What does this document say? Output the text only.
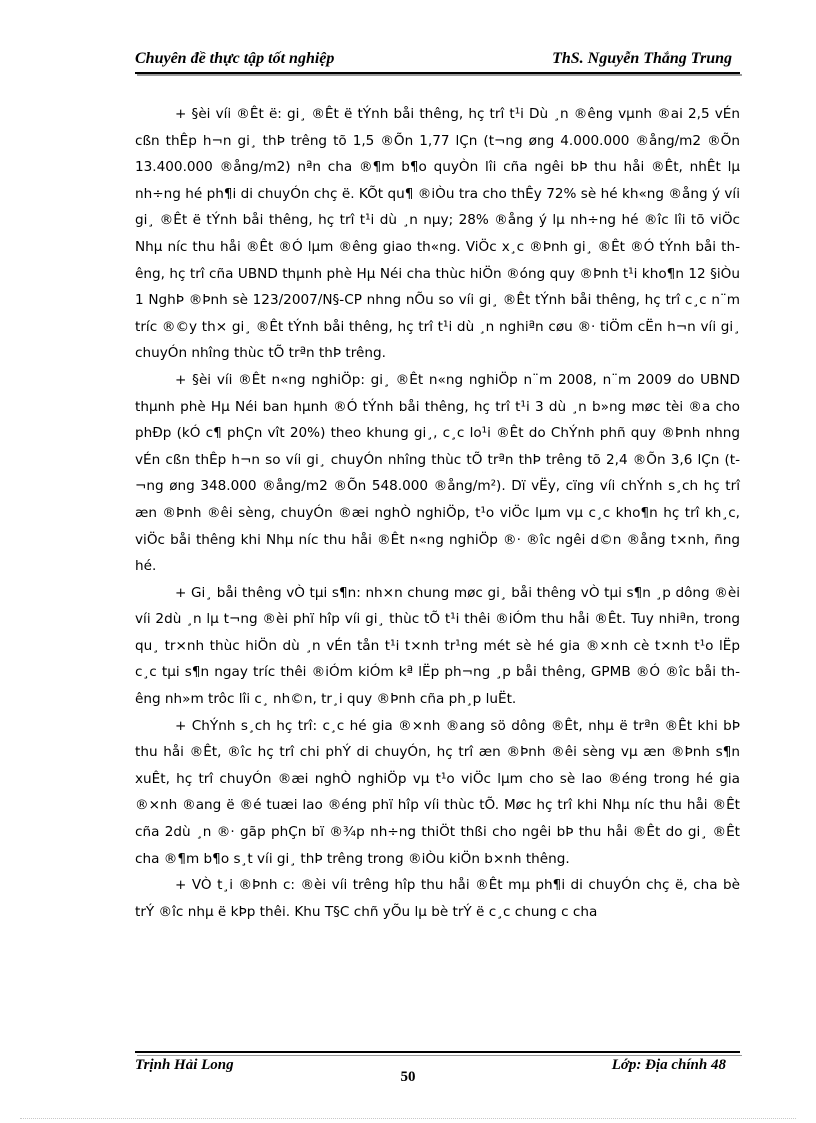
Chuyên đề thực tập tốt nghiệp	ThS. Nguyễn Thắng Trung

+ §èi víi ®Êt ë: gi¸ ®Êt ë tÝnh båi thêng, hç trî t¹i Dù ¸n ®êng vµnh ®ai 2,5 vÉn cßn thÊp h¬n gi¸ thÞ trêng tõ 1,5 ®Õn 1,77 lÇn (t¬ng øng 4.000.000 ®ång/m2 ®Õn 13.400.000 ®ång/m2) nªn cha ®¶m b¶o quyÒn lîi cña ngêi bÞ thu håi ®Êt, nhÊt lµ nh÷ng hé ph¶i di chuyÓn chç ë. KÕt qu¶ ®iÒu tra cho thÊy 72% sè hé kh«ng ®ång ý víi gi¸ ®Êt ë tÝnh båi thêng, hç trî t¹i dù ¸n nµy; 28% ®ång ý lµ nh÷ng hé ®îc lîi tõ viÖc Nhµ níc thu håi ®Êt ®Ó lµm ®êng giao th«ng. ViÖc x¸c ®Þnh gi¸ ®Êt ®Ó tÝnh båi thêng, hç trî cña UBND thµnh phè Hµ Néi cha thùc hiÖn ®óng quy ®Þnh t¹i kho¶n 12 §iÒu 1 NghÞ ®Þnh sè 123/2007/N§-CP nhng nÕu so víi gi¸ ®Êt tÝnh båi thêng, hç trî c¸c n¨m tríc ®©y th× gi¸ ®Êt tÝnh båi thêng, hç trî t¹i dù ¸n nghiªn cøu ®· tiÖm cËn h¬n víi gi¸ chuyÓn nhîng thùc tÕ trªn thÞ trêng.

+ §èi víi ®Êt n«ng nghiÖp: gi¸ ®Êt n«ng nghiÖp n¨m 2008, n¨m 2009 do UBND thµnh phè Hµ Néi ban hµnh ®Ó tÝnh båi thêng, hç trî t¹i 3 dù ¸n b»ng møc tèi ®a cho phÐp (kÓ c¶ phÇn vît 20%) theo khung gi¸, c¸c lo¹i ®Êt do ChÝnh phñ quy ®Þnh nhng vÉn cßn thÊp h¬n so víi gi¸ chuyÓn nhîng thùc tÕ trªn thÞ trêng tõ 2,4 ®Õn 3,6 lÇn (t¬ng øng 348.000 ®ång/m2 ®Õn 548.000 ®ång/m²). Dï vËy, cïng víi chÝnh s¸ch hç trî æn ®Þnh ®êi sèng, chuyÓn ®æi nghÒ nghiÖp, t¹o viÖc lµm vµ c¸c kho¶n hç trî kh¸c, viÖc båi thêng khi Nhµ níc thu håi ®Êt n«ng nghiÖp ®· ®îc ngêi d©n ®ång t×nh, ñng hé.

+ Gi¸ båi thêng vÒ tµi s¶n: nh×n chung møc gi¸ båi thêng vÒ tµi s¶n ¸p dông ®èi víi 2dù ¸n lµ t¬ng ®èi phï hîp víi gi¸ thùc tÕ t¹i thêi ®iÓm thu håi ®Êt. Tuy nhiªn, trong qu¸ tr×nh thùc hiÖn dù ¸n vÉn tån t¹i t×nh tr¹ng mét sè hé gia ®×nh cè t×nh t¹o lËp c¸c tµi s¶n ngay tríc thêi ®iÓm kiÓm kª lËp ph¬ng ¸p båi thêng, GPMB ®Ó ®îc båi thêng nh»m trôc lîi c¸ nh©n, tr¸i quy ®Þnh cña ph¸p luËt.

+ ChÝnh s¸ch hç trî: c¸c hé gia ®×nh ®ang sö dông ®Êt, nhµ ë trªn ®Êt khi bÞ thu håi ®Êt, ®îc hç trî chi phÝ di chuyÓn, hç trî æn ®Þnh ®êi sèng vµ æn ®Þnh s¶n xuÊt, hç trî chuyÓn ®æi nghÒ nghiÖp vµ t¹o viÖc lµm cho sè lao ®éng trong hé gia ®×nh ®ang ë ®é tuæi lao ®éng phï hîp víi thùc tÕ. Møc hç trî khi Nhµ níc thu håi ®Êt cña 2dù ¸n ®· gãp phÇn bï ®¾p nh÷ng thiÖt thßi cho ngêi bÞ thu håi ®Êt do gi¸ ®Êt cha ®¶m b¶o s¸t víi gi¸ thÞ trêng trong ®iÒu kiÖn b×nh thêng.

+ VÒ t¸i ®Þnh c: ®èi víi trêng hîp thu håi ®Êt mµ ph¶i di chuyÓn chç ë, cha bè trÝ ®îc nhµ ë kÞp thêi. Khu T§C chñ yÕu lµ bè trÝ ë c¸c chung c cha

Trịnh Hải Long	Lớp: Địa chính 48
50
